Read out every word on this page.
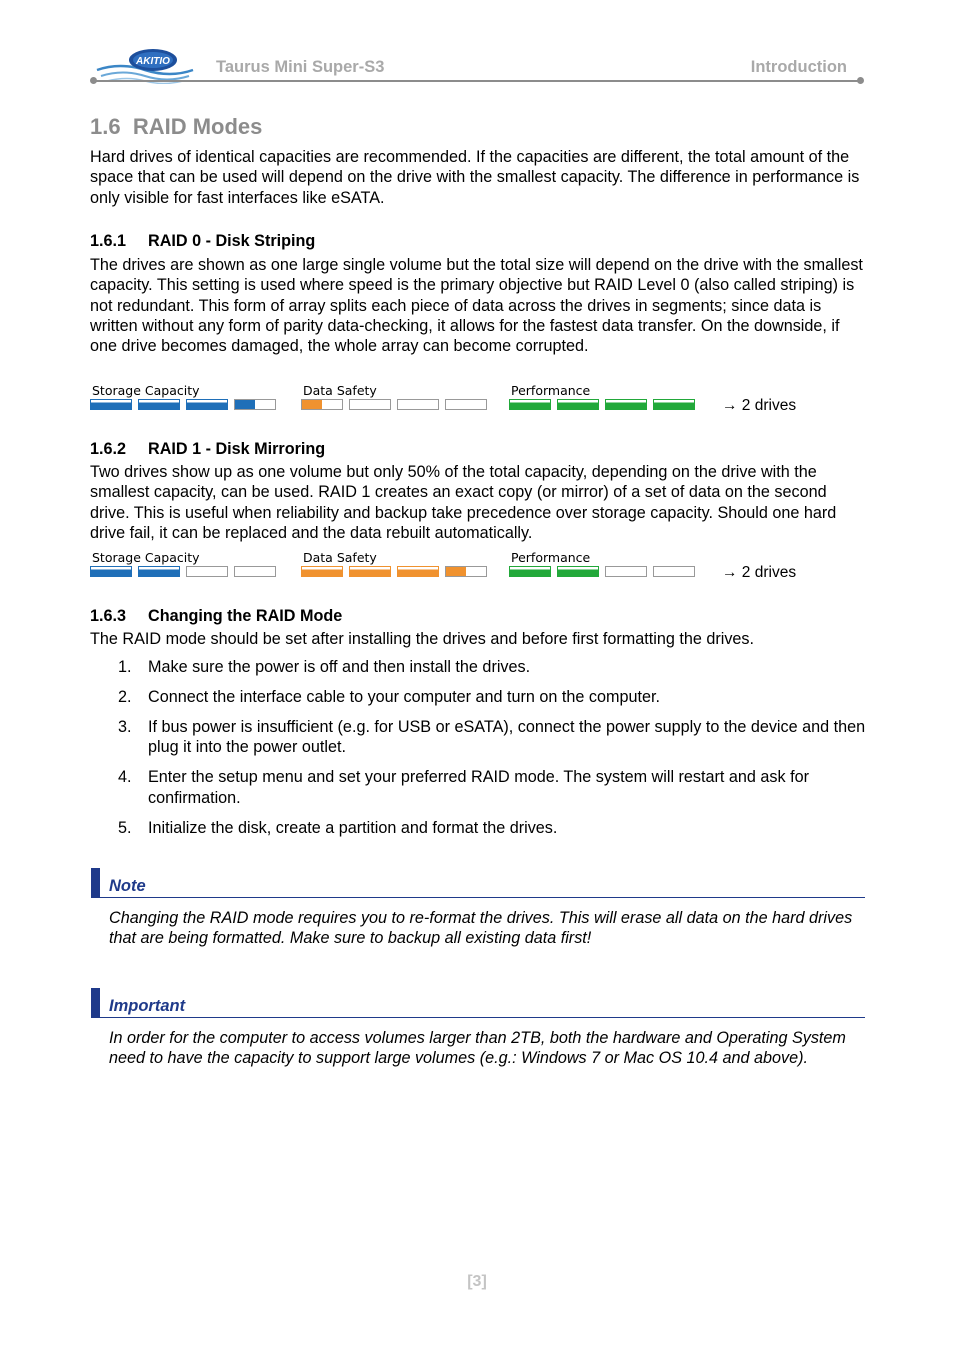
AKITIO	Taurus Mini Super-S3	Introduction
1.6 RAID Modes

Hard drives of identical capacities are recommended. If the capacities are different, the total amount of the space that can be used will depend on the drive with the smallest capacity. The difference in performance is only visible for fast interfaces like eSATA.

1.6.1 RAID 0 - Disk Striping

The drives are shown as one large single volume but the total size will depend on the drive with the smallest capacity. This setting is used where speed is the primary objective but RAID Level 0 (also called striping) is not redundant. This form of array splits each piece of data across the drives in segments; since data is written without any form of parity data-checking, it allows for the fastest data transfer. On the downside, if one drive becomes damaged, the whole array can become corrupted.

Storage Capacity	Data Safety	Performance
→ 2 drives
1.6.2 RAID 1 - Disk Mirroring

Two drives show up as one volume but only 50% of the total capacity, depending on the drive with the smallest capacity, can be used. RAID 1 creates an exact copy (or mirror) of a set of data on the second drive. This is useful when reliability and backup take precedence over storage capacity. Should one hard drive fail, it can be replaced and the data rebuilt automatically.

Storage Capacity	Data Safety	Performance
→ 2 drives
1.6.3 Changing the RAID Mode

The RAID mode should be set after installing the drives and before first formatting the drives.

1. Make sure the power is off and then install the drives.
2. Connect the interface cable to your computer and turn on the computer.
3. If bus power is insufficient (e.g. for USB or eSATA), connect the power supply to the device and then plug it into the power outlet.
4. Enter the setup menu and set your preferred RAID mode. The system will restart and ask for confirmation.
5. Initialize the disk, create a partition and format the drives.
Note

Changing the RAID mode requires you to re-format the drives. This will erase all data on the hard drives that are being formatted. Make sure to backup all existing data first!

Important

In order for the computer to access volumes larger than 2TB, both the hardware and Operating System need to have the capacity to support large volumes (e.g.: Windows 7 or Mac OS 10.4 and above).

[3]
